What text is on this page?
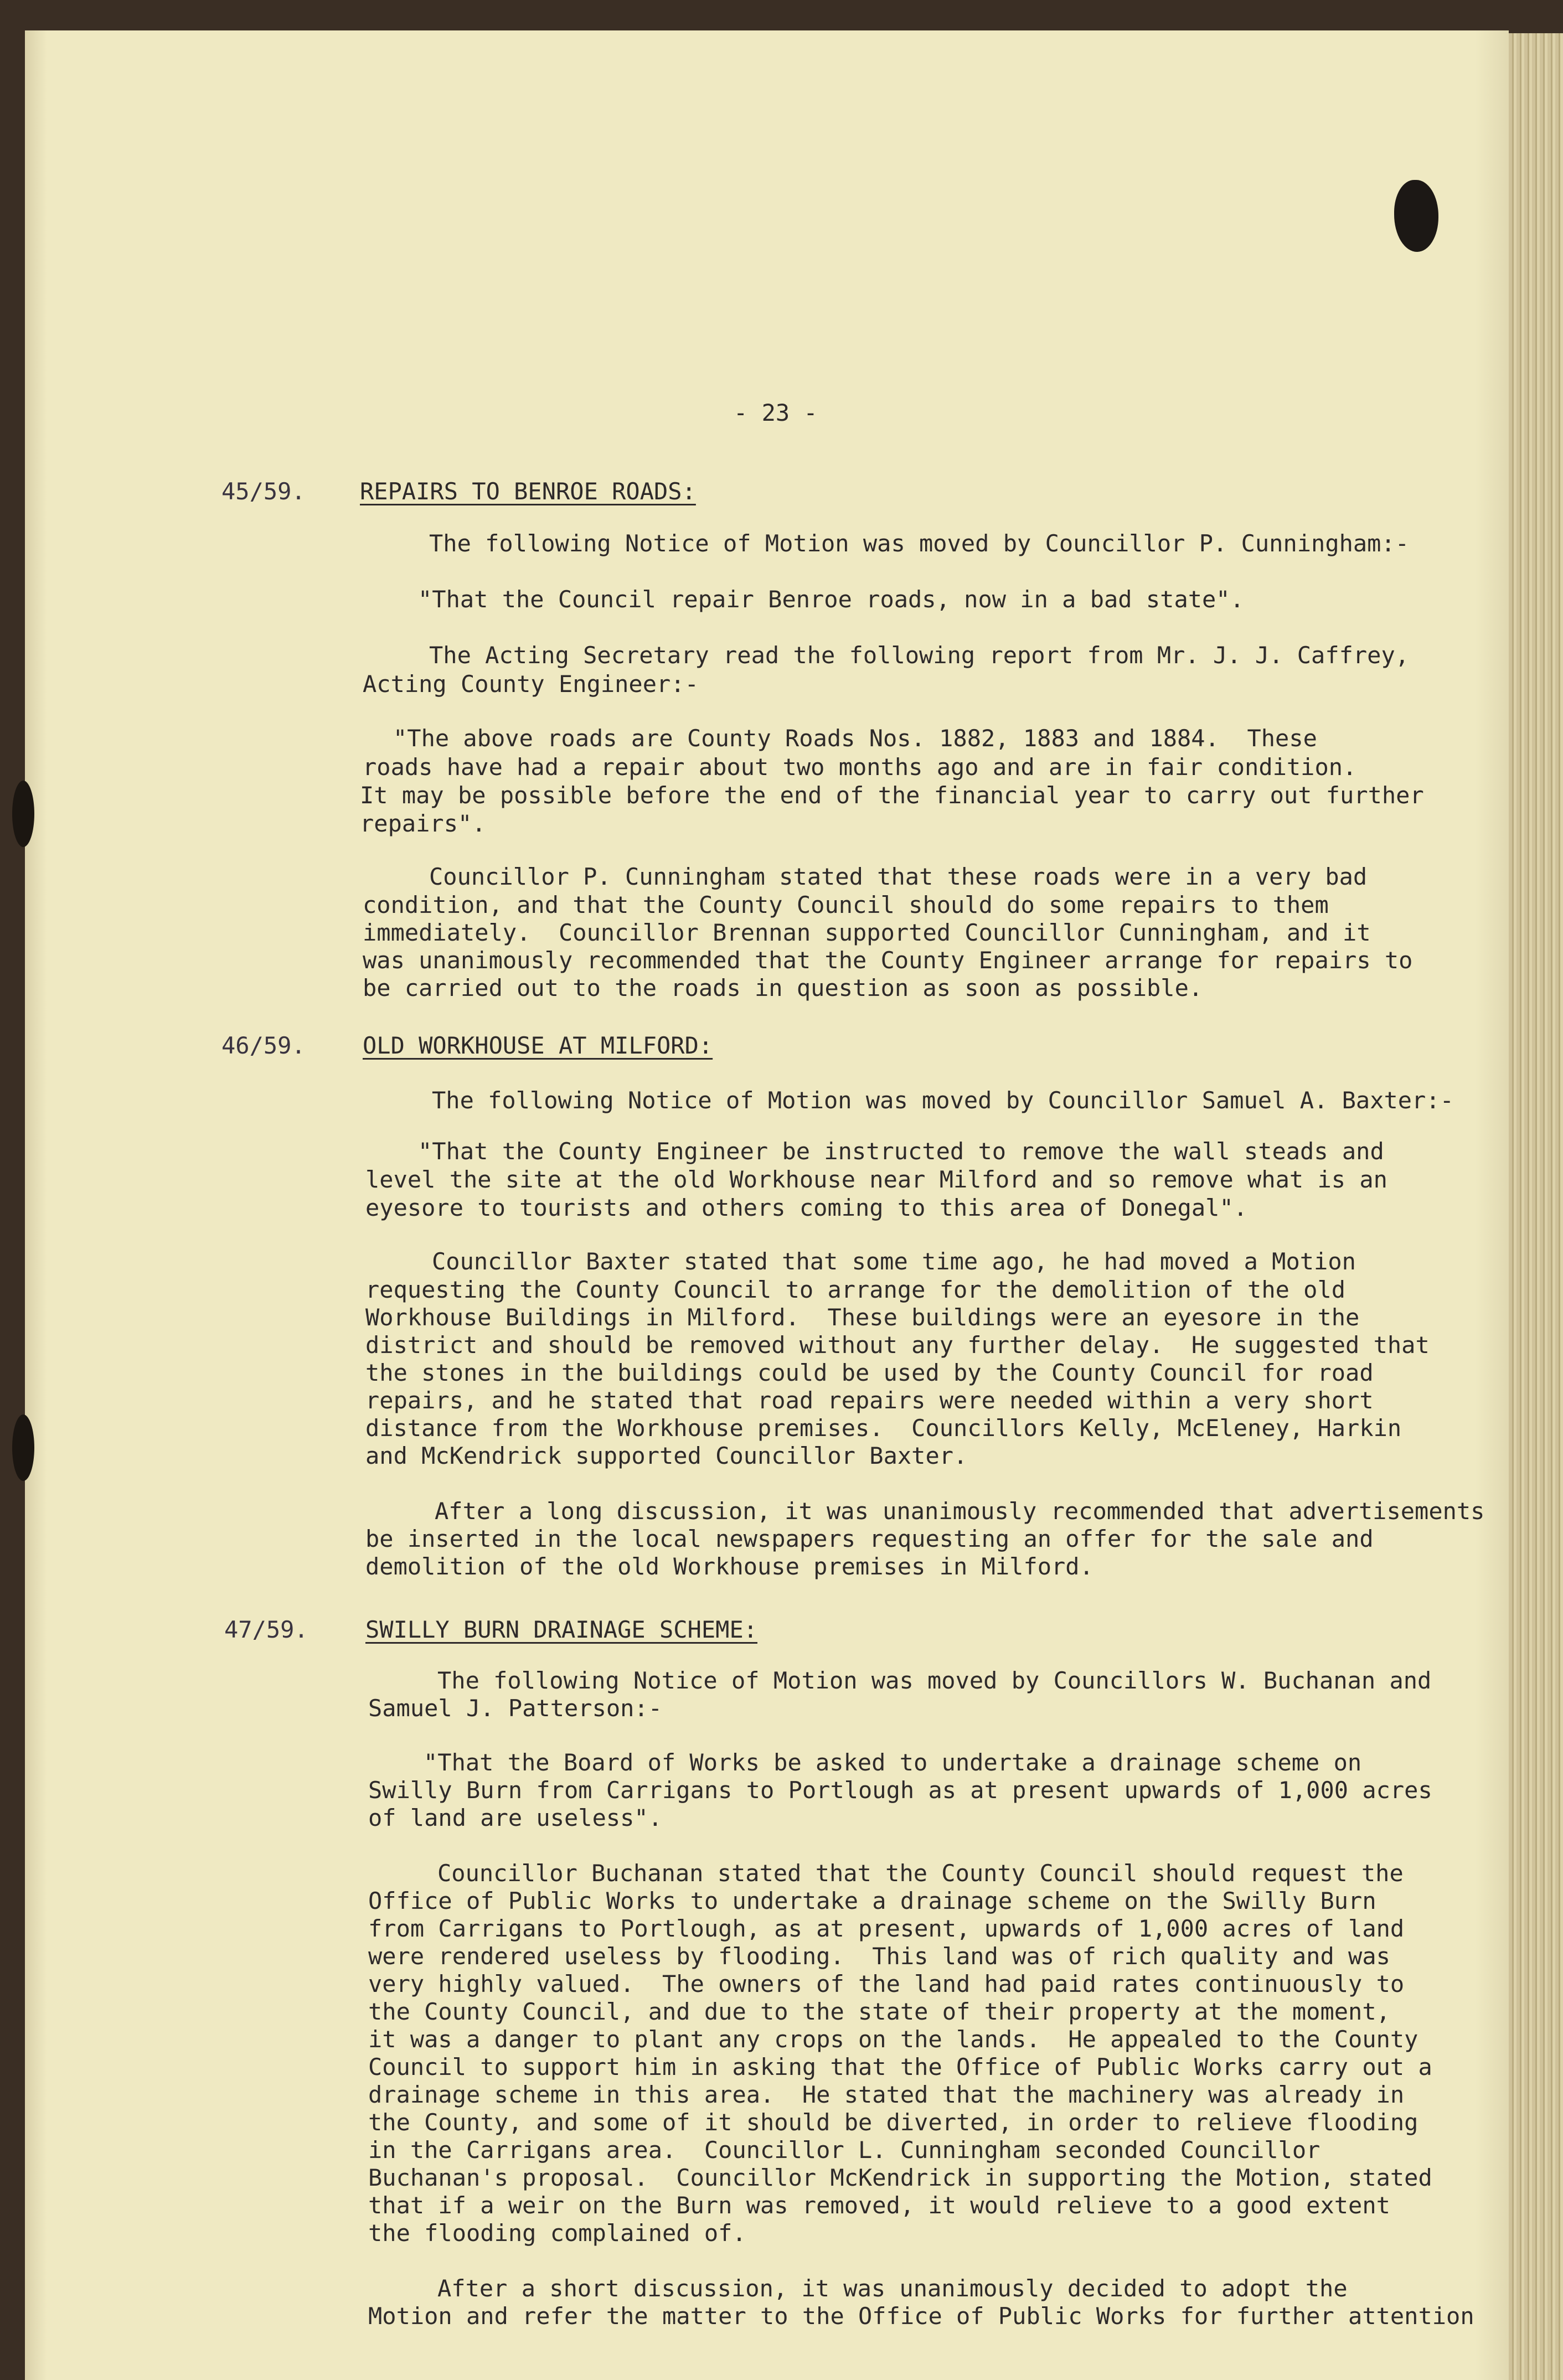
- 23 -
45/59. REPAIRS TO BENROE ROADS:
The following Notice of Motion was moved by Councillor P. Cunningham:-
"That the Council repair Benroe roads, now in a bad state".
The Acting Secretary read the following report from Mr. J. J. Caffrey,
Acting County Engineer:-
"The above roads are County Roads Nos. 1882, 1883 and 1884.  These
roads have had a repair about two months ago and are in fair condition.
It may be possible before the end of the financial year to carry out further
repairs".
Councillor P. Cunningham stated that these roads were in a very bad
condition, and that the County Council should do some repairs to them
immediately.  Councillor Brennan supported Councillor Cunningham, and it
was unanimously recommended that the County Engineer arrange for repairs to
be carried out to the roads in question as soon as possible.
46/59. OLD WORKHOUSE AT MILFORD:
The following Notice of Motion was moved by Councillor Samuel A. Baxter:-
"That the County Engineer be instructed to remove the wall steads and
level the site at the old Workhouse near Milford and so remove what is an
eyesore to tourists and others coming to this area of Donegal".
Councillor Baxter stated that some time ago, he had moved a Motion
requesting the County Council to arrange for the demolition of the old
Workhouse Buildings in Milford.  These buildings were an eyesore in the
district and should be removed without any further delay.  He suggested that
the stones in the buildings could be used by the County Council for road
repairs, and he stated that road repairs were needed within a very short
distance from the Workhouse premises.  Councillors Kelly, McEleney, Harkin
and McKendrick supported Councillor Baxter.
After a long discussion, it was unanimously recommended that advertisements
be inserted in the local newspapers requesting an offer for the sale and
demolition of the old Workhouse premises in Milford.
47/59. SWILLY BURN DRAINAGE SCHEME:
The following Notice of Motion was moved by Councillors W. Buchanan and
Samuel J. Patterson:-
"That the Board of Works be asked to undertake a drainage scheme on
Swilly Burn from Carrigans to Portlough as at present upwards of 1,000 acres
of land are useless".
Councillor Buchanan stated that the County Council should request the
Office of Public Works to undertake a drainage scheme on the Swilly Burn
from Carrigans to Portlough, as at present, upwards of 1,000 acres of land
were rendered useless by flooding.  This land was of rich quality and was
very highly valued.  The owners of the land had paid rates continuously to
the County Council, and due to the state of their property at the moment,
it was a danger to plant any crops on the lands.  He appealed to the County
Council to support him in asking that the Office of Public Works carry out a
drainage scheme in this area.  He stated that the machinery was already in
the County, and some of it should be diverted, in order to relieve flooding
in the Carrigans area.  Councillor L. Cunningham seconded Councillor
Buchanan's proposal.  Councillor McKendrick in supporting the Motion, stated
that if a weir on the Burn was removed, it would relieve to a good extent
the flooding complained of.
After a short discussion, it was unanimously decided to adopt the
Motion and refer the matter to the Office of Public Works for further attention
